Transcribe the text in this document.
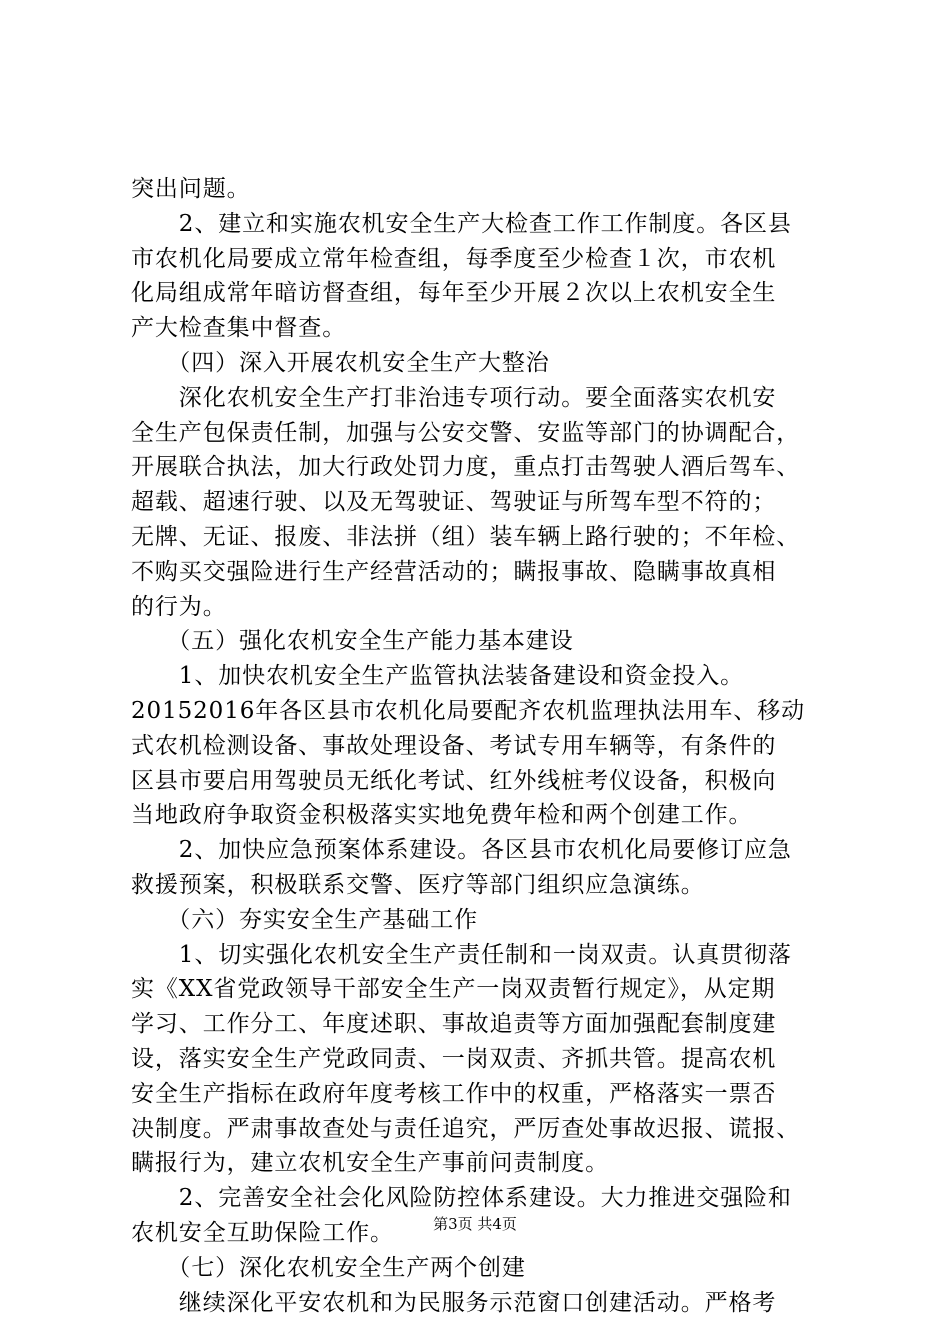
突出问题。
　　2、建立和实施农机安全生产大检查工作工作制度。各区县
市农机化局要成立常年检查组，每季度至少检查１次，市农机
化局组成常年暗访督查组，每年至少开展２次以上农机安全生
产大检查集中督查。
　　（四）深入开展农机安全生产大整治
　　深化农机安全生产打非治违专项行动。要全面落实农机安
全生产包保责任制，加强与公安交警、安监等部门的协调配合，
开展联合执法，加大行政处罚力度，重点打击驾驶人酒后驾车、
超载、超速行驶、以及无驾驶证、驾驶证与所驾车型不符的；
无牌、无证、报废、非法拼（组）装车辆上路行驶的；不年检、
不购买交强险进行生产经营活动的；瞒报事故、隐瞒事故真相
的行为。
　　（五）强化农机安全生产能力基本建设
　　1、加快农机安全生产监管执法装备建设和资金投入。
20152016年各区县市农机化局要配齐农机监理执法用车、移动
式农机检测设备、事故处理设备、考试专用车辆等，有条件的
区县市要启用驾驶员无纸化考试、红外线桩考仪设备，积极向
当地政府争取资金积极落实实地免费年检和两个创建工作。
　　2、加快应急预案体系建设。各区县市农机化局要修订应急
救援预案，积极联系交警、医疗等部门组织应急演练。
　　（六）夯实安全生产基础工作
　　1、切实强化农机安全生产责任制和一岗双责。认真贯彻落
实《XX省党政领导干部安全生产一岗双责暂行规定》，从定期
学习、工作分工、年度述职、事故追责等方面加强配套制度建
设，落实安全生产党政同责、一岗双责、齐抓共管。提高农机
安全生产指标在政府年度考核工作中的权重，严格落实一票否
决制度。严肃事故查处与责任追究，严厉查处事故迟报、谎报、
瞒报行为，建立农机安全生产事前问责制度。
　　2、完善安全社会化风险防控体系建设。大力推进交强险和
农机安全互助保险工作。
　　（七）深化农机安全生产两个创建
　　继续深化平安农机和为民服务示范窗口创建活动。严格考
第3页 共4页
